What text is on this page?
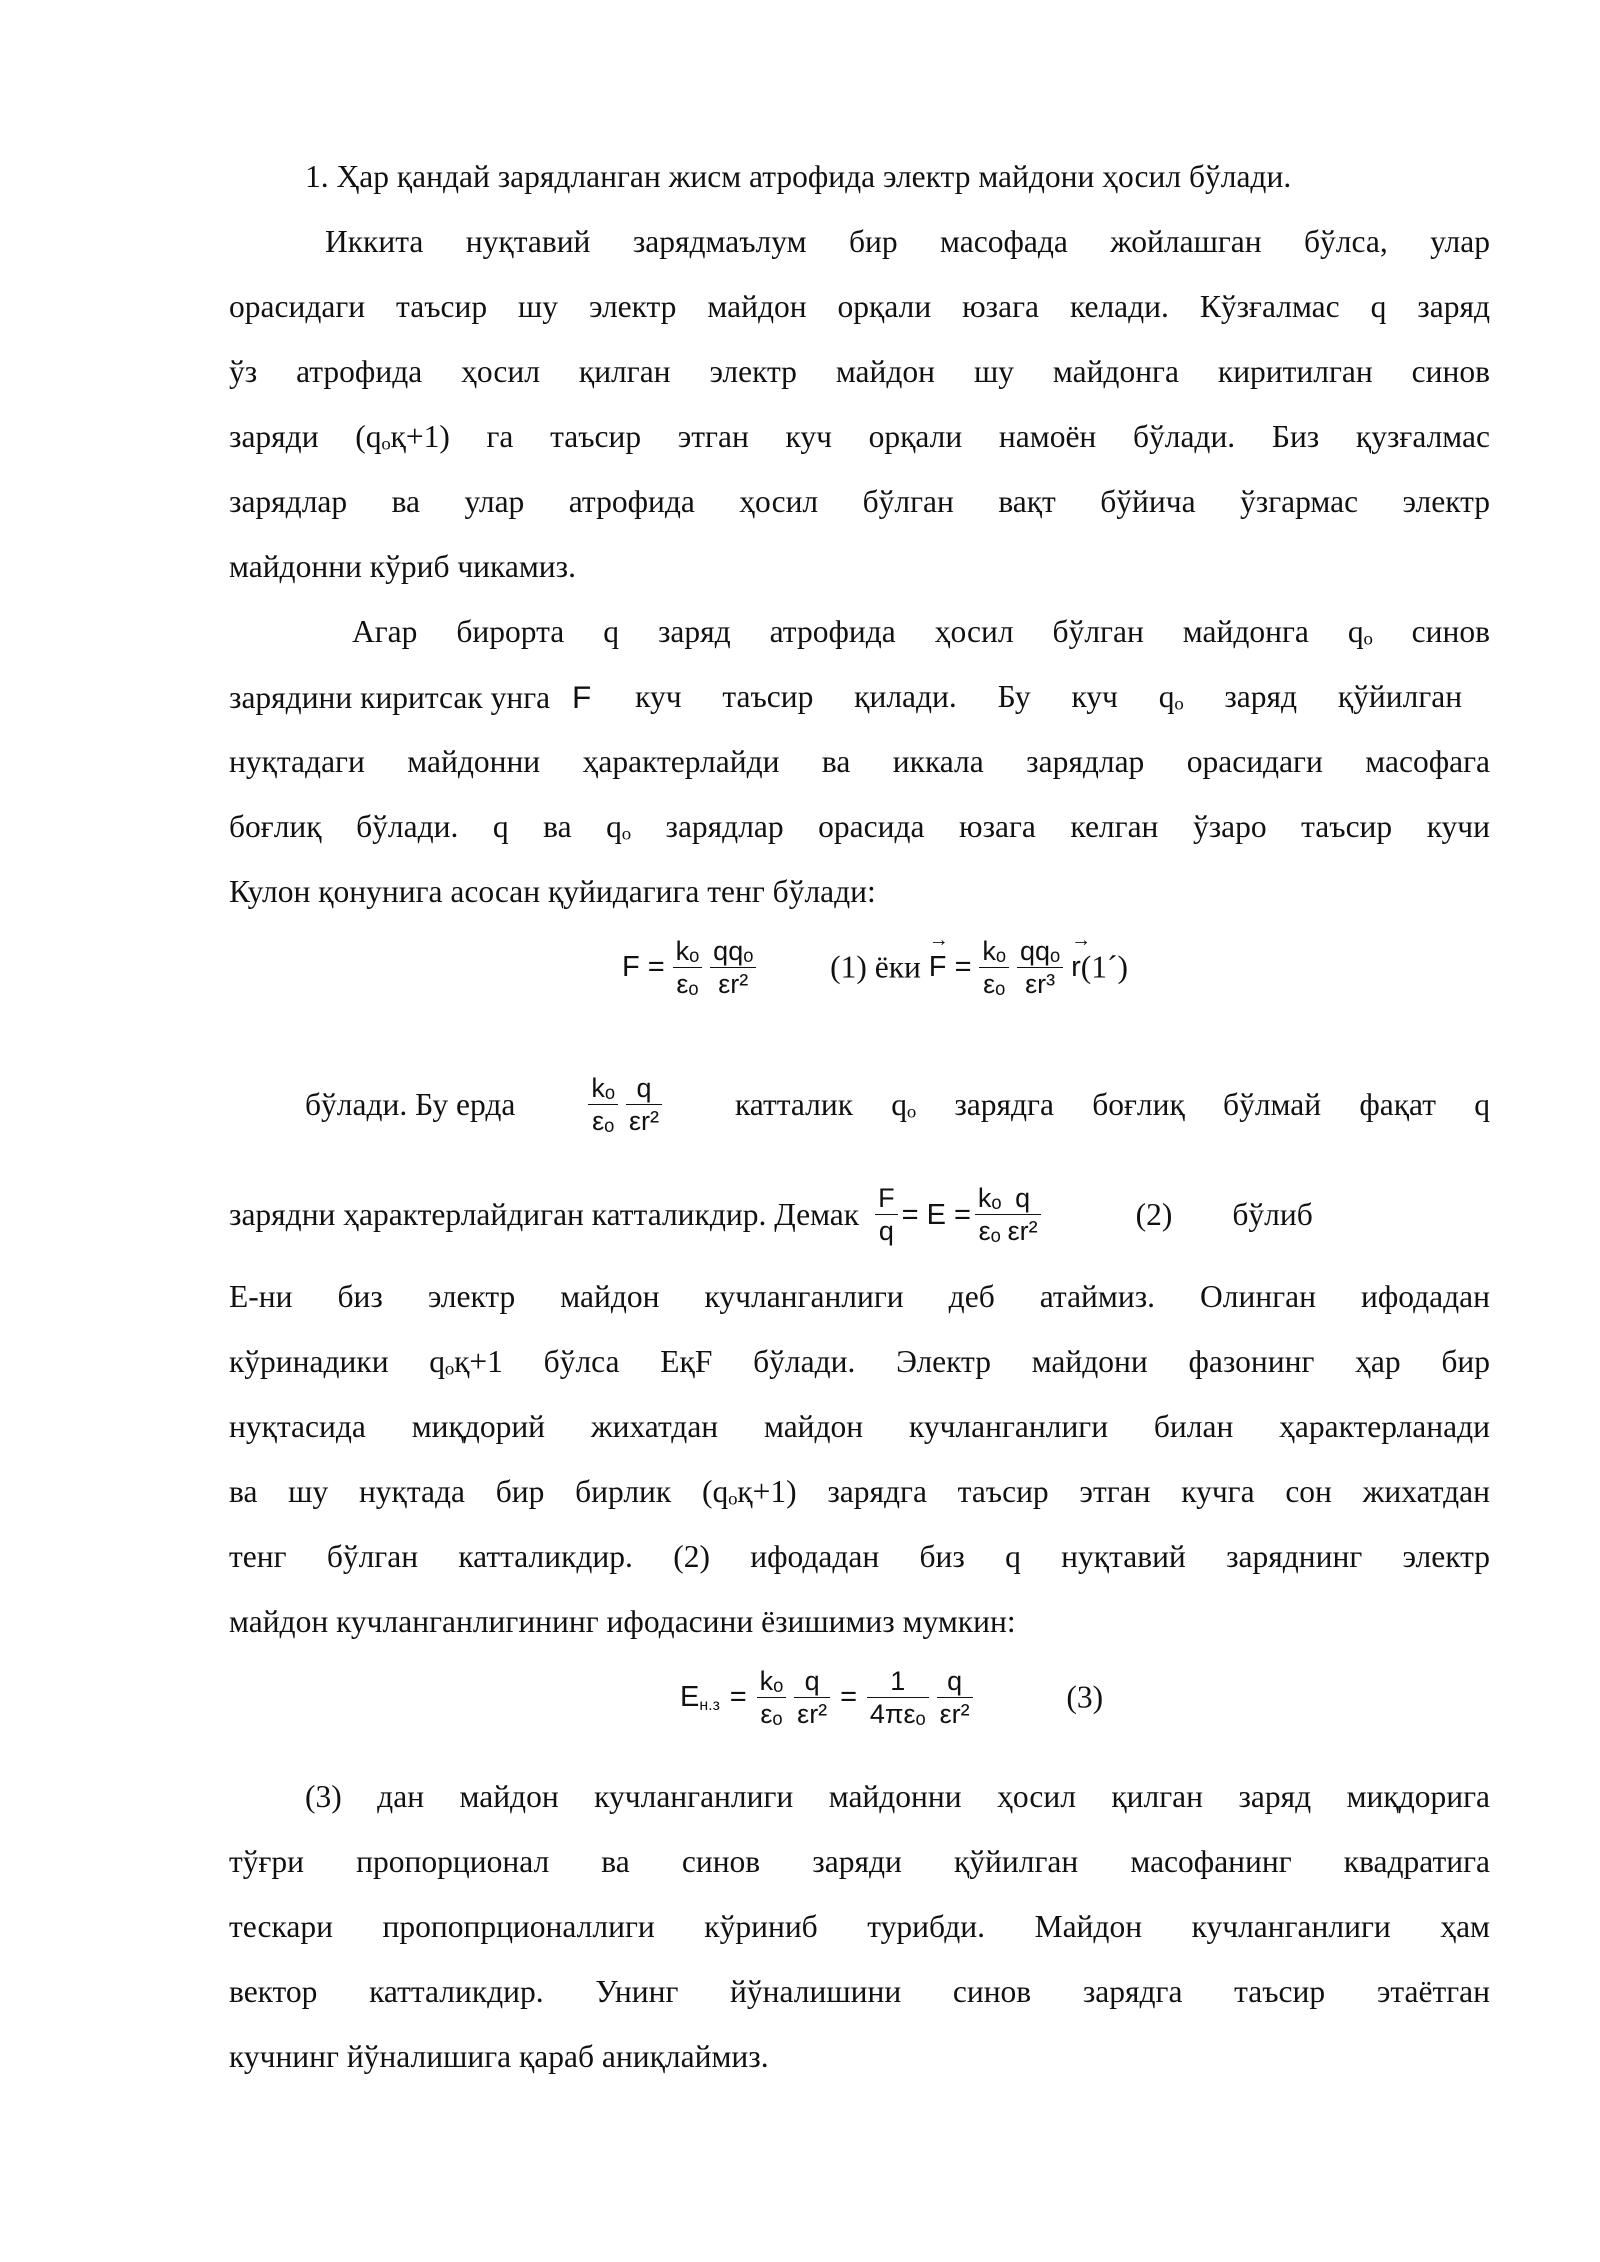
1. Ҳар қандай зарядланган жисм атрофида электр майдони ҳосил бўлади.
Иккита нуқтавий зарядмаълум бир масофада жойлашган бўлса, улар
орасидаги таъсир шу электр майдон орқали юзага келади. Кўзғалмас q заряд
ўз атрофида ҳосил қилган электр майдон шу майдонга киритилган синов
заряди (qₒқ+1) га таъсир этган куч орқали намоён бўлади. Биз қузғалмас
зарядлар ва улар атрофида ҳосил бўлган вақт бўйича ўзгармас электр
майдонни кўриб чикамиз.
Агар бирорта q заряд атрофида ҳосил бўлган майдонга qₒ синов
зарядини киритсак унга F куч таъсир қилади. Бу куч qₒ заряд қўйилган
нуқтадаги майдонни ҳарактерлайди ва иккала зарядлар орасидаги масофага
боғлиқ бўлади. q ва qₒ зарядлар орасида юзага келган ўзаро таъсир кучи
Кулон қонунига асосан қуйидагига тенг бўлади:
$F = \frac{\text{kₒ}}{\text{εₒ}}$
$\frac{\text{qqₒ}}{\text{εr²}} (1)$ ёки → $F = \frac{\text{kₒ}}{\text{εₒ}}$
$\frac{\text{qqₒ}}{\text{εr³}}$ → r(1´)
бўлади. Бу ерда	$\frac{\text{kₒ}}{\text{εₒ}}$
$\frac{q}{\text{εr²}}$ катталик qₒ зарядга боғлиқ бўлмай фақат q
зарядни ҳарактерлайдиган катталикдир. Демак $\frac{F}{q} = E = \frac{\text{kₒ}}{\text{εₒ}} \frac{q}{\text{εr²}}$	(2) бўлиб
E-ни биз электр майдон кучланганлиги деб атаймиз. Олинган ифодадан
кўринадики qₒқ+1 бўлса EқF бўлади. Электр майдони фазонинг ҳар бир
нуқтасида миқдорий жихатдан майдон кучланганлиги билан ҳарактерланади
ва шу нуқтада бир бирлик (qₒқ+1) зарядга таъсир этган кучга сон жихатдан
тенг бўлган катталикдир. (2) ифодадан биз q нуқтавий заряднинг электр
майдон кучланганлигининг ифодасини ёзишимиз мумкин:
$Eн.з = \frac{\text{kₒ}}{\text{εₒ}}$
$\frac{q}{\text{εr²}} = \frac{1}{\text{4πεₒ}}$
$\frac{q}{\text{εr²}}$	(3)
(3) дан майдон кучланганлиги майдонни ҳосил қилган заряд миқдорига
тўғри пропорционал ва синов заряди қўйилган масофанинг квадратига
тескари пропопрционаллиги кўриниб турибди. Майдон кучланганлиги ҳам
вектор катталикдир. Унинг йўналишини синов зарядга таъсир этаётган
кучнинг йўналишига қараб аниқлаймиз.
